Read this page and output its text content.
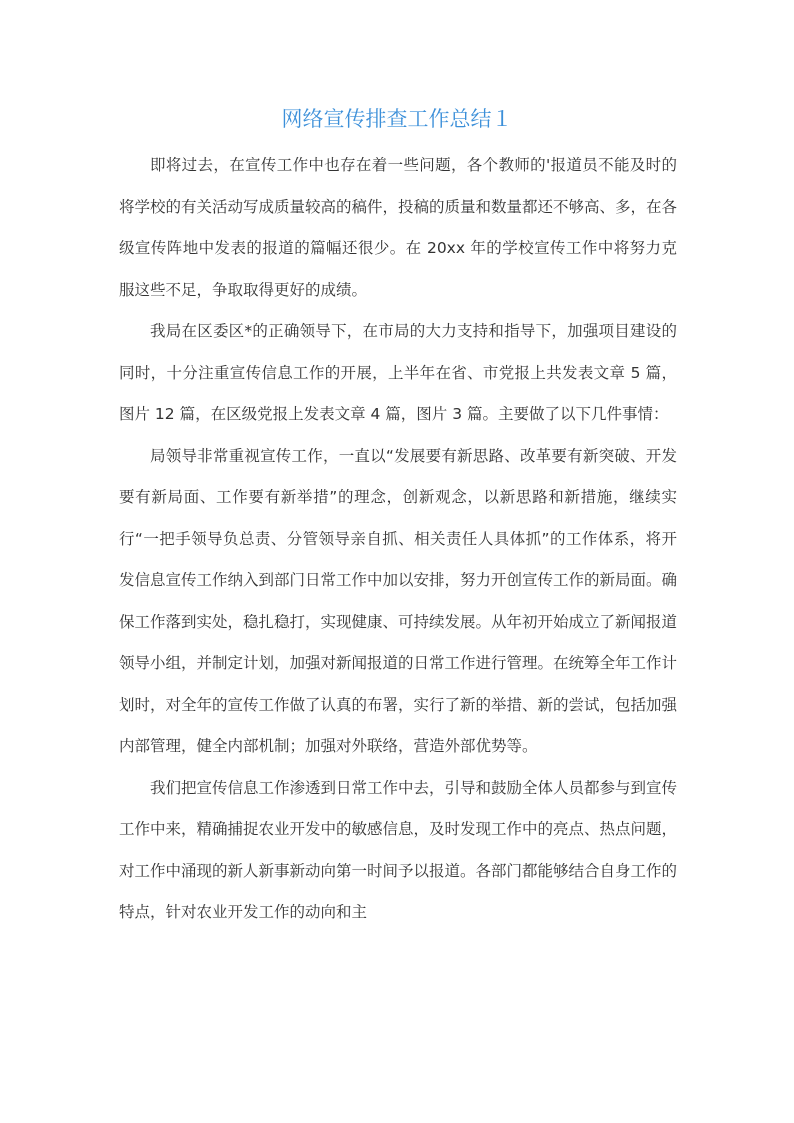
网络宣传排查工作总结１

即将过去，在宣传工作中也存在着一些问题，各个教师的'报道员不能及时的将学校的有关活动写成质量较高的稿件，投稿的质量和数量都还不够高、多，在各级宣传阵地中发表的报道的篇幅还很少。在 20xx 年的学校宣传工作中将努力克服这些不足，争取取得更好的成绩。

我局在区委区*的正确领导下，在市局的大力支持和指导下，加强项目建设的同时，十分注重宣传信息工作的开展，上半年在省、市党报上共发表文章 5 篇，图片 12 篇，在区级党报上发表文章 4 篇，图片 3 篇。主要做了以下几件事情：

局领导非常重视宣传工作，一直以“发展要有新思路、改革要有新突破、开发要有新局面、工作要有新举措”的理念，创新观念，以新思路和新措施，继续实行“一把手领导负总责、分管领导亲自抓、相关责任人具体抓”的工作体系，将开发信息宣传工作纳入到部门日常工作中加以安排，努力开创宣传工作的新局面。确保工作落到实处，稳扎稳打，实现健康、可持续发展。从年初开始成立了新闻报道领导小组，并制定计划，加强对新闻报道的日常工作进行管理。在统筹全年工作计划时，对全年的宣传工作做了认真的布署，实行了新的举措、新的尝试，包括加强内部管理，健全内部机制；加强对外联络，营造外部优势等。

我们把宣传信息工作渗透到日常工作中去，引导和鼓励全体人员都参与到宣传工作中来，精确捕捉农业开发中的敏感信息，及时发现工作中的亮点、热点问题，对工作中涌现的新人新事新动向第一时间予以报道。各部门都能够结合自身工作的特点，针对农业开发工作的动向和主
